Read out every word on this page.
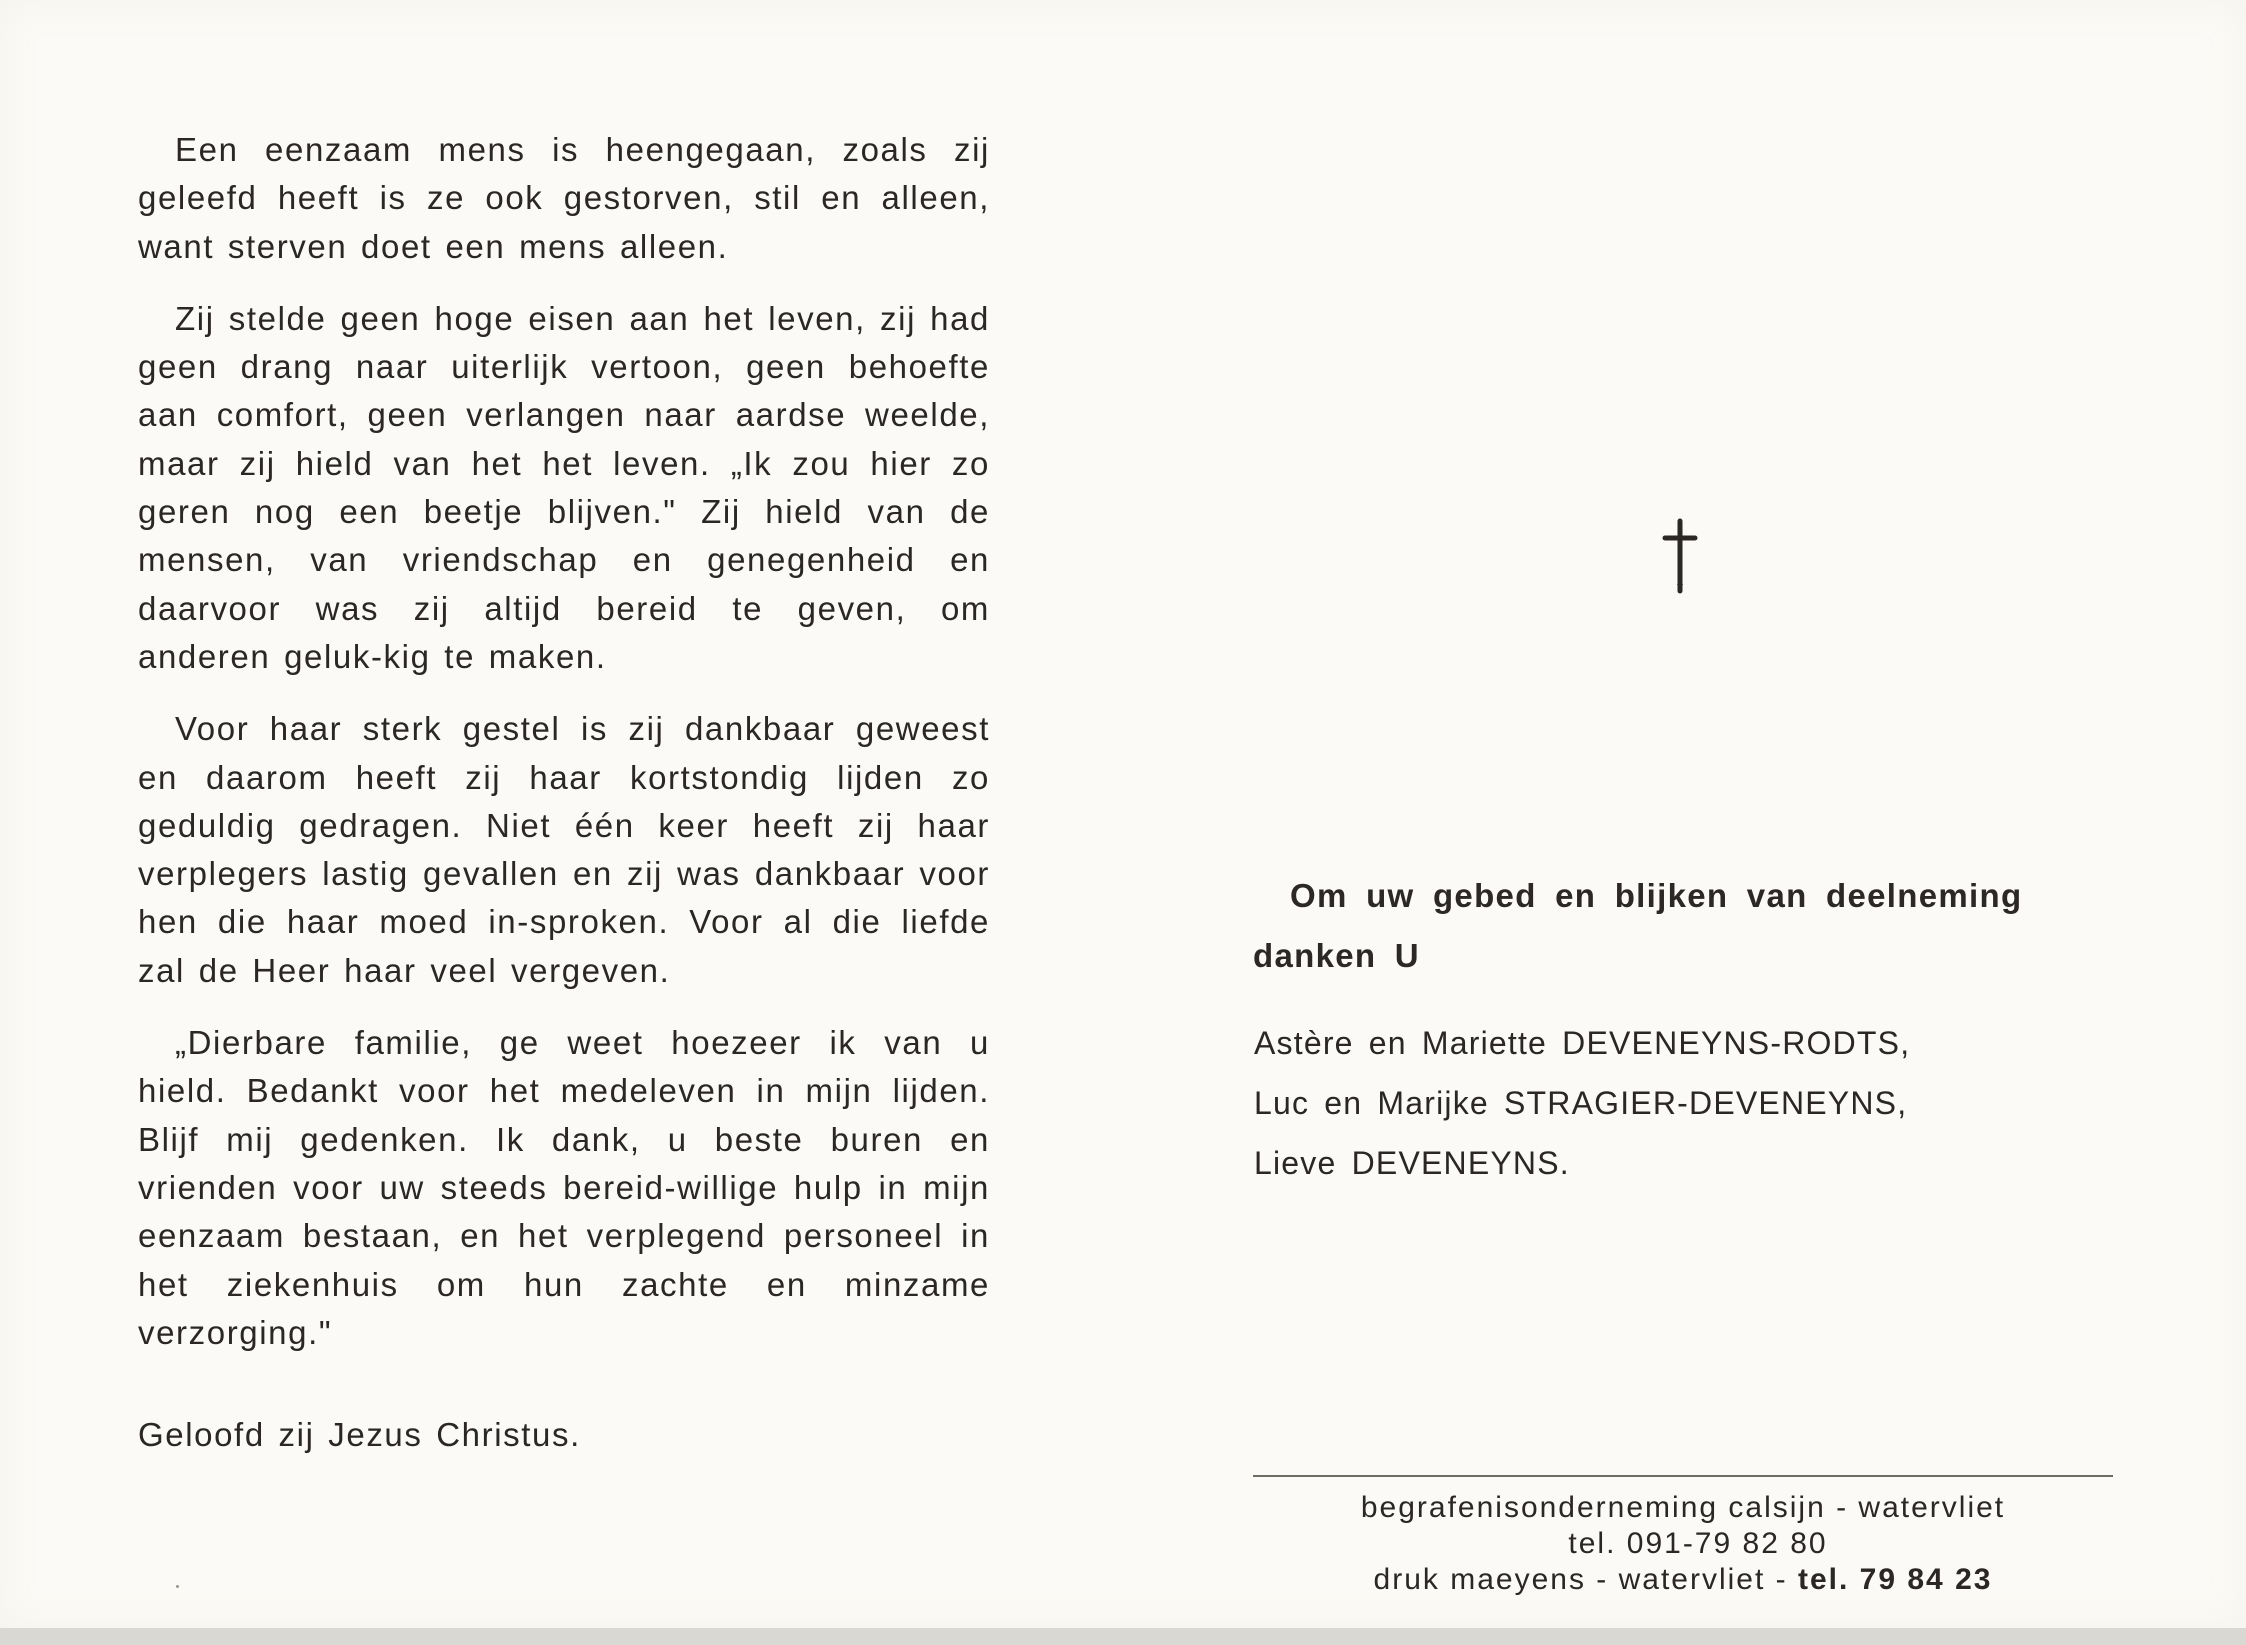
Een eenzaam mens is heengegaan, zoals zij geleefd heeft is ze ook gestorven, stil en alleen, want sterven doet een mens alleen.

Zij stelde geen hoge eisen aan het leven, zij had geen drang naar uiterlijk vertoon, geen behoefte aan comfort, geen verlangen naar aardse weelde, maar zij hield van het het leven. „Ik zou hier zo geren nog een beetje blijven." Zij hield van de mensen, van vriendschap en genegenheid en daarvoor was zij altijd bereid te geven, om anderen geluk-kig te maken.

Voor haar sterk gestel is zij dankbaar geweest en daarom heeft zij haar kortstondig lijden zo geduldig gedragen. Niet één keer heeft zij haar verplegers lastig gevallen en zij was dankbaar voor hen die haar moed in-sproken. Voor al die liefde zal de Heer haar veel vergeven.

„Dierbare familie, ge weet hoezeer ik van u hield. Bedankt voor het medeleven in mijn lijden. Blijf mij gedenken. Ik dank, u beste buren en vrienden voor uw steeds bereid-willige hulp in mijn eenzaam bestaan, en het verplegend personeel in het ziekenhuis om hun zachte en minzame verzorging."

Geloofd zij Jezus Christus.

Om uw gebed en blijken van deelneming danken U

Astère en Mariette DEVENEYNS-RODTS,
Luc en Marijke STRAGIER-DEVENEYNS,
Lieve DEVENEYNS.
begrafenisonderneming calsijn - watervliet
tel. 091-79 82 80
druk maeyens - watervliet - tel. 79 84 23
